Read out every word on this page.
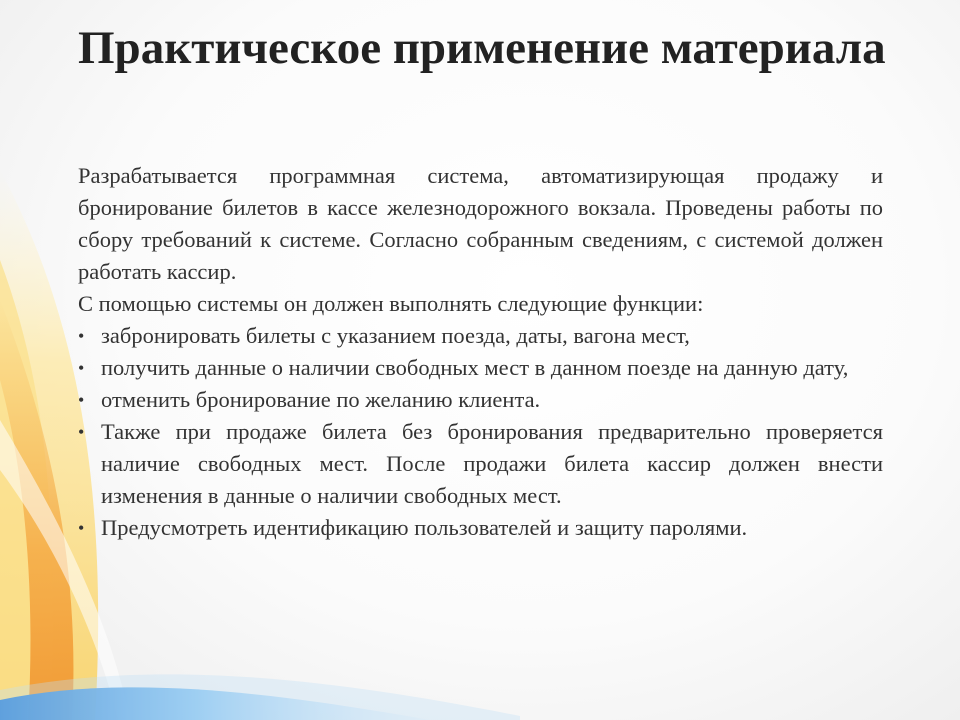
Практическое применение материала

Разрабатывается программная система, автоматизирующая продажу и бронирование билетов в кассе железнодорожного вокзала. Проведены работы по сбору требований к системе. Согласно собранным сведениям, с системой должен работать кассир.

С помощью системы он должен выполнять следующие функции:

• забронировать билеты с указанием поезда, даты, вагона мест,
• получить данные о наличии свободных мест в данном поезде на данную дату,
• отменить бронирование по желанию клиента.
• Также при продаже билета без бронирования предварительно проверяется наличие свободных мест. После продажи билета кассир должен внести изменения в данные о наличии свободных мест.
• Предусмотреть идентификацию пользователей и защиту паролями.
